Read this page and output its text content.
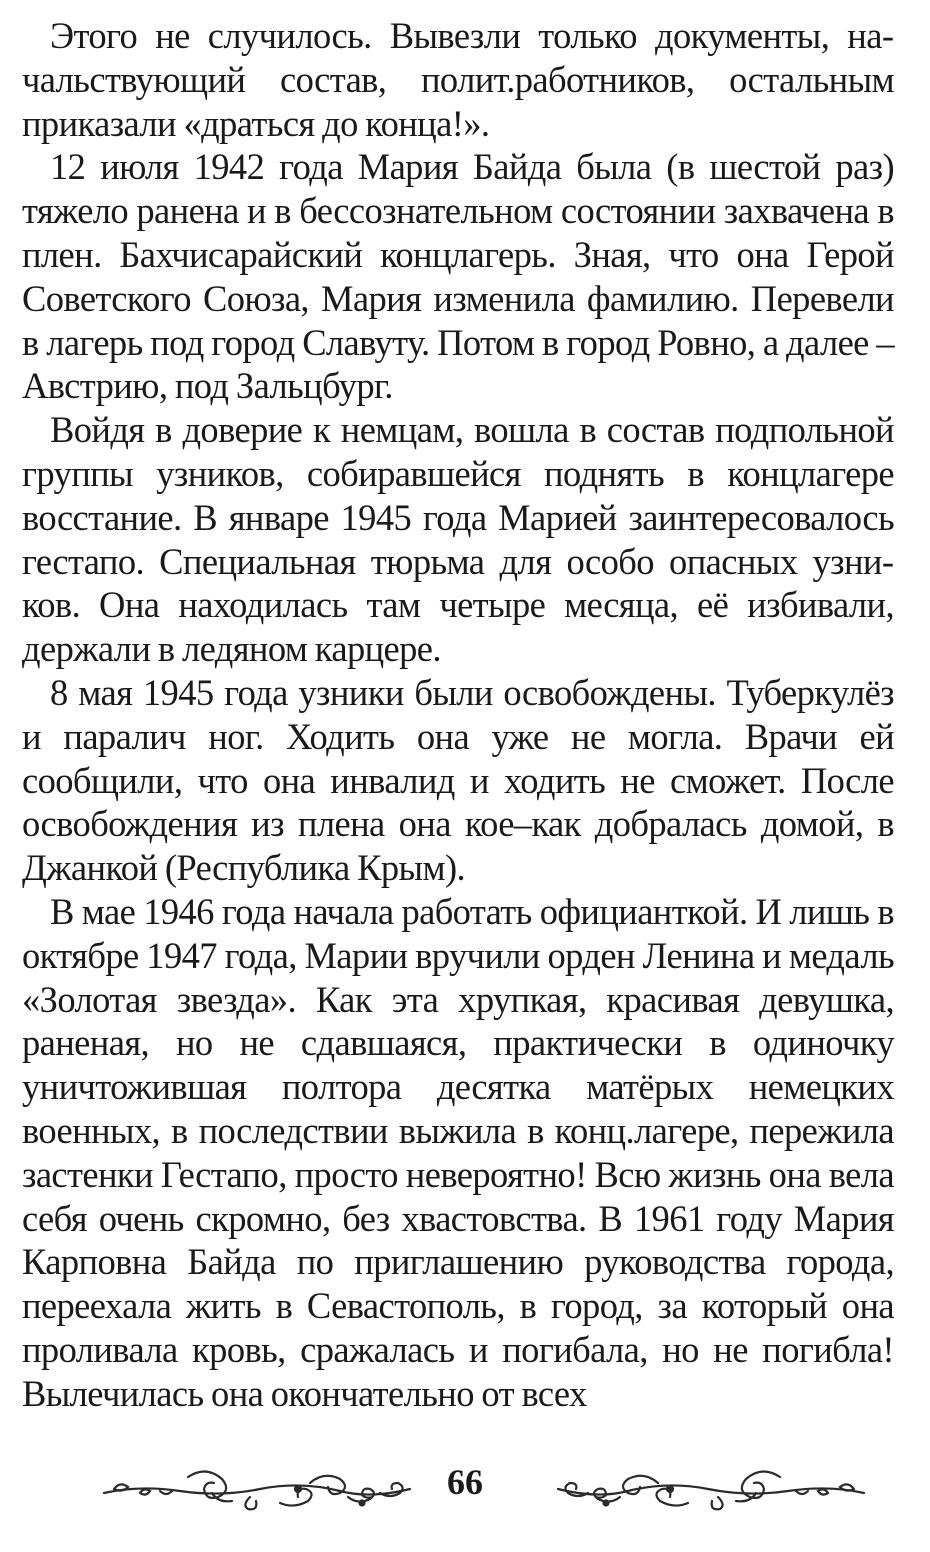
Этого не случилось. Вывезли только документы, начальствующий состав, полит.работников, остальным приказали «драться до конца!».

12 июля 1942 года Мария Байда была (в шестой раз) тяжело ранена и в бессознательном состоянии захвачена в плен. Бахчисарайский концлагерь. Зная, что она Герой Советского Союза, Мария изменила фамилию. Перевели в лагерь под город Славуту. Потом в город Ровно, а далее – Австрию, под Зальцбург.

Войдя в доверие к немцам, вошла в состав подпольной группы узников, собиравшейся поднять в концлагере восстание. В январе 1945 года Марией заинтересовалось гестапо. Специальная тюрьма для особо опасных узников. Она находилась там четыре месяца, её избивали, держали в ледяном карцере.

8 мая 1945 года узники были освобождены. Туберкулёз и паралич ног. Ходить она уже не могла. Врачи ей сообщили, что она инвалид и ходить не сможет. После освобождения из плена она кое–как добралась домой, в Джанкой (Республика Крым).

В мае 1946 года начала работать официанткой. И лишь в октябре 1947 года, Марии вручили орден Ленина и медаль «Золотая звезда». Как эта хрупкая, красивая девушка, раненая, но не сдавшаяся, практически в одиночку уничтожившая полтора десятка матёрых немецких военных, в последствии выжила в конц.лагере, пережила застенки Гестапо, просто невероятно! Всю жизнь она вела себя очень скромно, без хвастовства. В 1961 году Мария Карповна Байда по приглашению руководства города, переехала жить в Севастополь, в город, за который она проливала кровь, сражалась и погибала, но не погибла! Вылечилась она окончательно от всех

66
